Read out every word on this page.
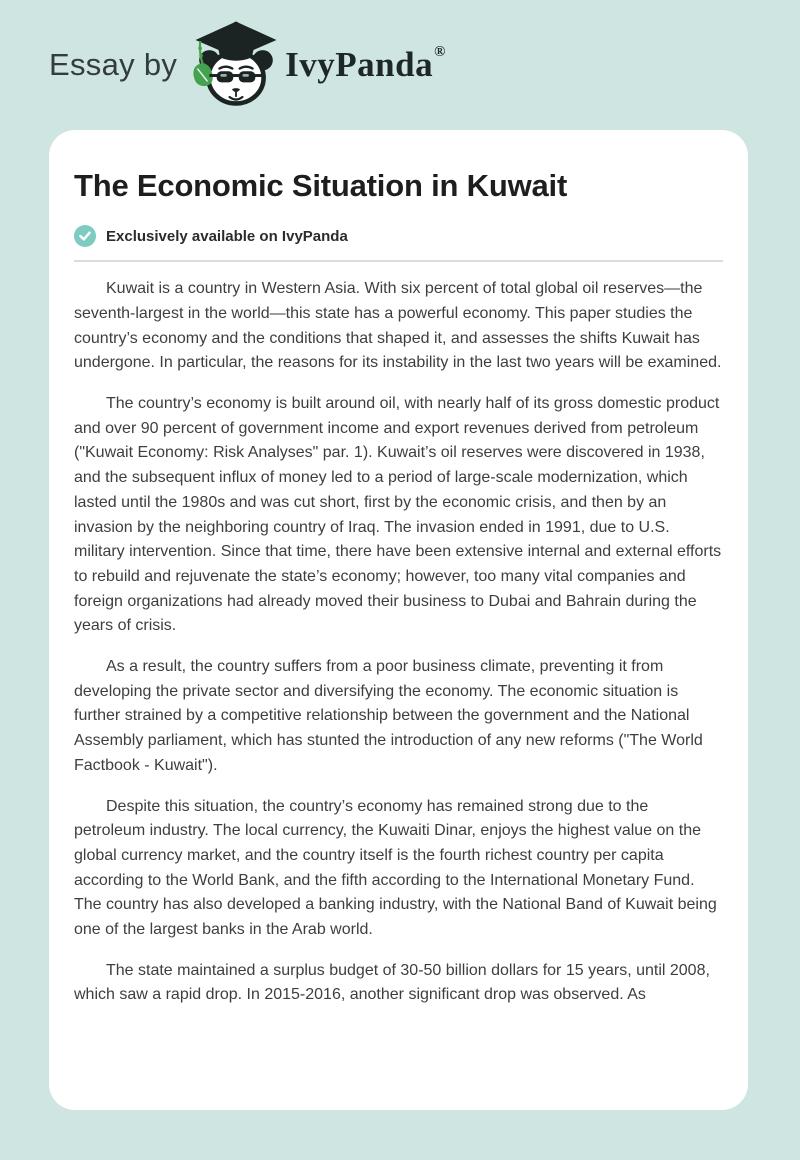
Essay by	IvyPanda ®
The Economic Situation in Kuwait
Exclusively available on IvyPanda

Kuwait is a country in Western Asia. With six percent of total global oil reserves—the seventh-largest in the world—this state has a powerful economy. This paper studies the country’s economy and the conditions that shaped it, and assesses the shifts Kuwait has undergone. In particular, the reasons for its instability in the last two years will be examined.

The country’s economy is built around oil, with nearly half of its gross domestic product and over 90 percent of government income and export revenues derived from petroleum ("Kuwait Economy: Risk Analyses" par. 1). Kuwait’s oil reserves were discovered in 1938, and the subsequent influx of money led to a period of large-scale modernization, which lasted until the 1980s and was cut short, first by the economic crisis, and then by an invasion by the neighboring country of Iraq. The invasion ended in 1991, due to U.S. military intervention. Since that time, there have been extensive internal and external efforts to rebuild and rejuvenate the state’s economy; however, too many vital companies and foreign organizations had already moved their business to Dubai and Bahrain during the years of crisis.

As a result, the country suffers from a poor business climate, preventing it from developing the private sector and diversifying the economy. The economic situation is further strained by a competitive relationship between the government and the National Assembly parliament, which has stunted the introduction of any new reforms ("The World Factbook - Kuwait").

Despite this situation, the country’s economy has remained strong due to the petroleum industry. The local currency, the Kuwaiti Dinar, enjoys the highest value on the global currency market, and the country itself is the fourth richest country per capita according to the World Bank, and the fifth according to the International Monetary Fund. The country has also developed a banking industry, with the National Band of Kuwait being one of the largest banks in the Arab world.

The state maintained a surplus budget of 30-50 billion dollars for 15 years, until 2008, which saw a rapid drop. In 2015-2016, another significant drop was observed. As
